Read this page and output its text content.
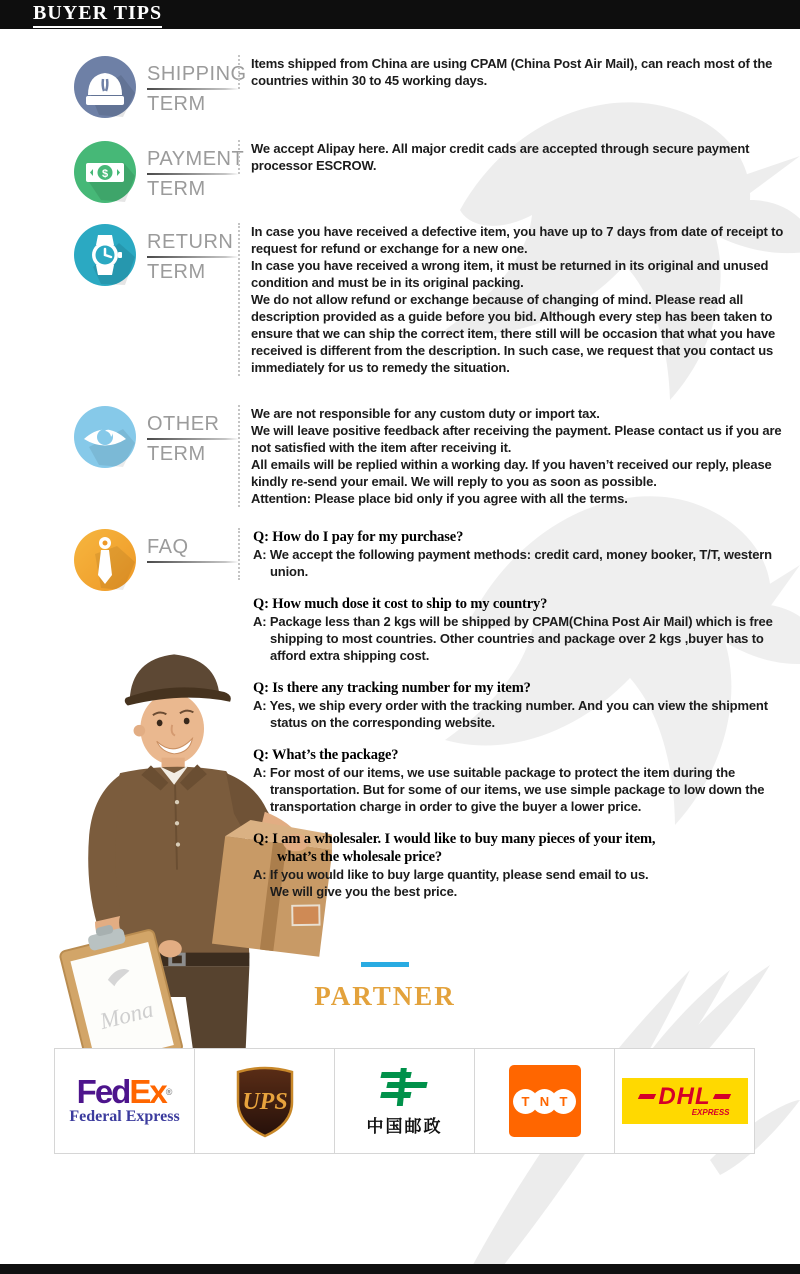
Mona
BUYER TIPS
SHIPPING
TERM

Items shipped from China are using CPAM (China Post Air Mail), can reach most of the countries within 30 to 45 working days.

$
PAYMENT
TERM

We accept Alipay here. All major credit cads are accepted through secure payment processor ESCROW.

RETURN
TERM

In case you have received a defective item, you have up to 7 days from date of receipt to request for refund or exchange for a new one.

In case you have received a wrong item, it must be returned in its original and unused condition and must be in its original packing.

We do not allow refund or exchange because of changing of mind. Please read all description provided as a guide before you bid. Although every step has been taken to ensure that we can ship the correct item, there still will be occasion that what you have received is different from the description. In such case, we request that you contact us immediately for us to remedy the situation.

OTHER
TERM

We are not responsible for any custom duty or import tax.

We will leave positive feedback after receiving the payment. Please contact us if you are not satisfied with the item after receiving it.

All emails will be replied within a working day. If you haven’t received our reply, please kindly re-send your email. We will reply to you as soon as possible.

Attention: Please place bid only if you agree with all the terms.

FAQ	Q: How do I pay for my purchase?
A: We accept the following payment methods: credit card, money booker, T/T, western union.
Q: How much dose it cost to ship to my country?
A: Package less than 2 kgs will be shipped by CPAM(China Post Air Mail) which is free shipping to most countries. Other countries and package over 2 kgs ,buyer has to afford extra shipping cost.
Q: Is there any tracking number for my item?
A: Yes, we ship every order with the tracking number. And you can view the shipment status on the corresponding website.
Q: What’s the package?
A: For most of our items, we use suitable package to protect the item during the transportation. But for some of our items, we use simple package to low down the transportation charge in order to give the buyer a lower price.
Q: I am a wholesaler. I would like to buy many pieces of your item,
what’s the wholesale price?
A: If you would like to buy large quantity, please send email to us.
We will give you the best price.
PARTNER
FedEx®
Federal Express
UPS
中国邮政
T N T	DHL
EXPRESS
